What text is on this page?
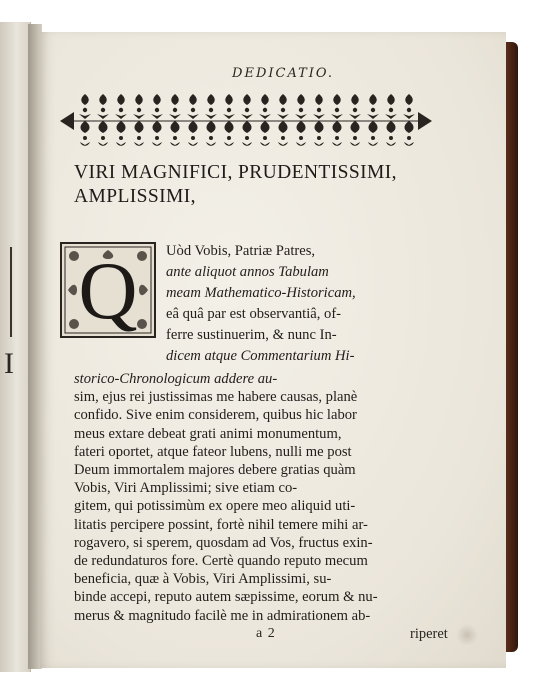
I
DEDICATIO.
VIRI MAGNIFICI, PRUDENTISSIMI,
AMPLISSIMI,
Q Uòd Vobis, Patriæ Patres,
ante aliquot annos Tabulam
meam Mathematico-Historicam,
eâ quâ par est observantiâ, of-
ferre sustinuerim, & nunc In-
dicem atque Commentarium Hi-
storico-Chronologicum addere au-
sim, ejus rei justissimas me habere causas, planè
confido. Sive enim considerem, quibus hic labor
meus extare debeat grati animi monumentum,
fateri oportet, atque fateor lubens, nulli me post
Deum immortalem majores debere gratias quàm
Vobis, Viri Amplissimi; sive etiam co-
gitem, qui potissimùm ex opere meo aliquid uti-
litatis percipere possint, fortè nihil temere mihi ar-
rogavero, si sperem, quosdam ad Vos, fructus exin-
de redundaturos fore. Certè quando reputo mecum
a 2	riperet
beneficia, quæ à Vobis, Viri Amplissimi, su-
binde accepi, reputo autem sæpissime, eorum & nu-
merus & magnitudo facilè me in admirationem ab-
